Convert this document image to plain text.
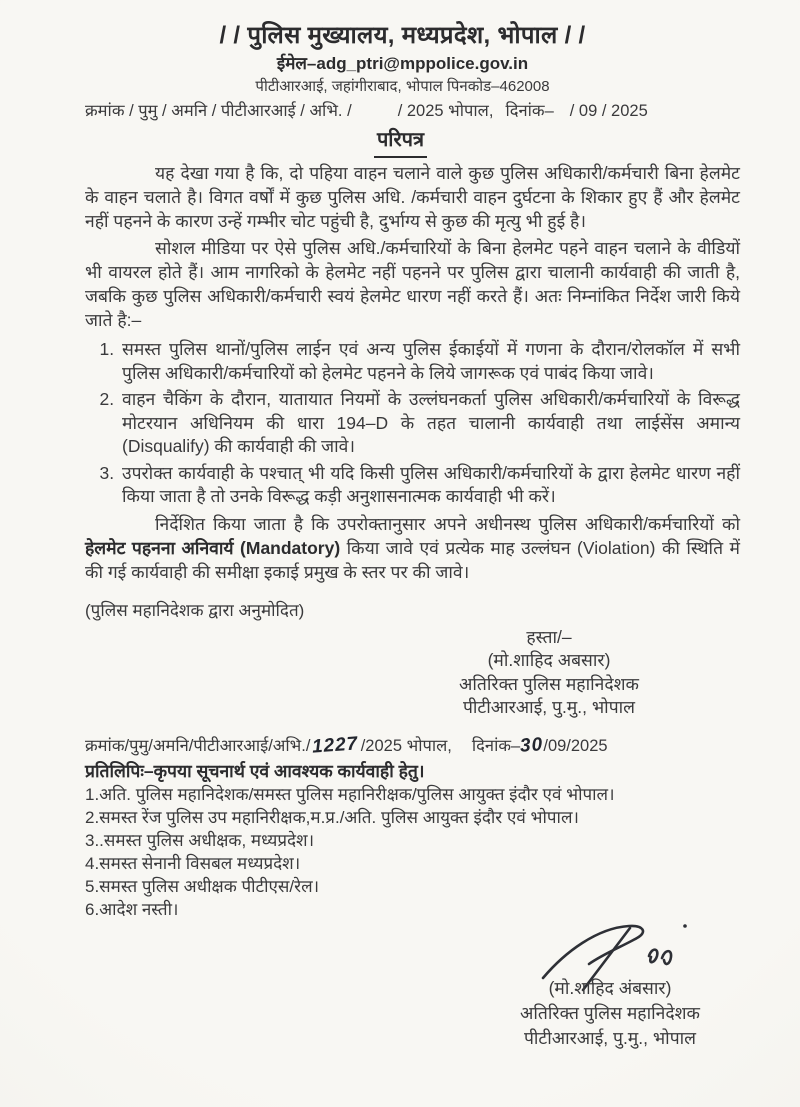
/ / पुलिस मुख्यालय, मध्यप्रदेश, भोपाल / /
ईमेल–adg_ptri@mppolice.gov.in
पीटीआरआई, जहांगीराबाद, भोपाल पिनकोड–462008
क्रमांक / पुमु / अमनि / पीटीआरआई / अभि. /	/ 2025 भोपाल, दिनांक– / 09 / 2025
परिपत्र

यह देखा गया है कि, दो पहिया वाहन चलाने वाले कुछ पुलिस अधिकारी/कर्मचारी बिना हेलमेट के वाहन चलाते है। विगत वर्षों में कुछ पुलिस अधि. /कर्मचारी वाहन दुर्घटना के शिकार हुए हैं और हेलमेट नहीं पहनने के कारण उन्हें गम्भीर चोट पहुंची है, दुर्भाग्य से कुछ की मृत्यु भी हुई है।

सोशल मीडिया पर ऐसे पुलिस अधि./कर्मचारियों के बिना हेलमेट पहने वाहन चलाने के वीडियों भी वायरल होते हैं। आम नागरिको के हेलमेट नहीं पहनने पर पुलिस द्वारा चालानी कार्यवाही की जाती है, जबकि कुछ पुलिस अधिकारी/कर्मचारी स्वयं हेलमेट धारण नहीं करते हैं। अतः निम्नांकित निर्देश जारी किये जाते है:–

1. समस्त पुलिस थानों/पुलिस लाईन एवं अन्य पुलिस ईकाईयों में गणना के दौरान/रोलकॉल में सभी पुलिस अधिकारी/कर्मचारियों को हेलमेट पहनने के लिये जागरूक एवं पाबंद किया जावे।
2. वाहन चैकिंग के दौरान, यातायात नियमों के उल्लंघनकर्ता पुलिस अधिकारी/कर्मचारियों के विरूद्ध मोटरयान अधिनियम की धारा 194–D के तहत चालानी कार्यवाही तथा लाईसेंस अमान्य (Disqualify) की कार्यवाही की जावे।
3. उपरोक्त कार्यवाही के पश्चात् भी यदि किसी पुलिस अधिकारी/कर्मचारियों के द्वारा हेलमेट धारण नहीं किया जाता है तो उनके विरूद्ध कड़ी अनुशासनात्मक कार्यवाही भी करें।

निर्देशित किया जाता है कि उपरोक्तानुसार अपने अधीनस्थ पुलिस अधिकारी/कर्मचारियों को हेलमेट पहनना अनिवार्य (Mandatory) किया जावे एवं प्रत्येक माह उल्लंघन (Violation) की स्थिति में की गई कार्यवाही की समीक्षा इकाई प्रमुख के स्तर पर की जावे।

(पुलिस महानिदेशक द्वारा अनुमोदित)
हस्ता/–
(मो.शाहिद अबसार)
अतिरिक्त पुलिस महानिदेशक
पीटीआरआई, पु.मु., भोपाल
क्रमांक/पुमु/अमनि/पीटीआरआई/अभि./1227/2025 भोपाल, दिनांक–30/09/2025
प्रतिलिपिः–कृपया सूचनार्थ एवं आवश्यक कार्यवाही हेतु।
1.अति. पुलिस महानिदेशक/समस्त पुलिस महानिरीक्षक/पुलिस आयुक्त इंदौर एवं भोपाल।
2.समस्त रेंज पुलिस उप महानिरीक्षक,म.प्र./अति. पुलिस आयुक्त इंदौर एवं भोपाल।
3..समस्त पुलिस अधीक्षक, मध्यप्रदेश।
4.समस्त सेनानी विसबल मध्यप्रदेश।
5.समस्त पुलिस अधीक्षक पीटीएस/रेल।
6.आदेश नस्ती।
(मो.शाहिद अंबसार)
अतिरिक्त पुलिस महानिदेशक
पीटीआरआई, पु.मु., भोपाल
